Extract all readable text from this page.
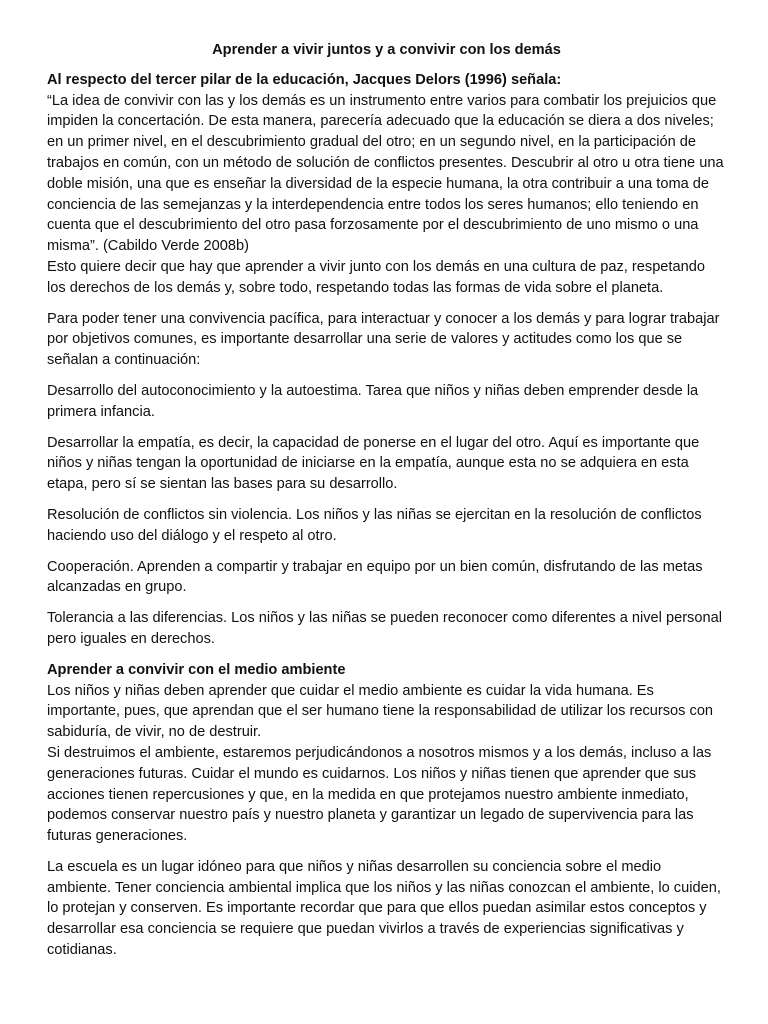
Aprender a vivir juntos y a convivir con los demás
Al respecto del tercer pilar de la educación, Jacques Delors (1996) señala:
“La idea de convivir con las y los demás es un instrumento entre varios para combatir los prejuicios que impiden la concertación. De esta manera, parecería adecuado que la educación se diera a dos niveles; en un primer nivel, en el descubrimiento gradual del otro; en un segundo nivel, en la participación de trabajos en común, con un método de solución de conflictos presentes. Descubrir al otro u otra tiene una doble misión, una que es enseñar la diversidad de la especie humana, la otra contribuir a una toma de conciencia de las semejanzas y la interdependencia entre todos los seres humanos; ello teniendo en cuenta que el descubrimiento del otro pasa forzosamente por el descubrimiento de uno mismo o una misma”. (Cabildo Verde 2008b)
Esto quiere decir que hay que aprender a vivir junto con los demás en una cultura de paz, respetando los derechos de los demás y, sobre todo, respetando todas las formas de vida sobre el planeta.
Para poder tener una convivencia pacífica, para interactuar y conocer a los demás y para lograr trabajar por objetivos comunes, es importante desarrollar una serie de valores y actitudes como los que se señalan a continuación:
Desarrollo del autoconocimiento y la autoestima. Tarea que niños y niñas deben emprender desde la primera infancia.
Desarrollar la empatía, es decir, la capacidad de ponerse en el lugar del otro. Aquí es importante que niños y niñas tengan la oportunidad de iniciarse en la empatía, aunque esta no se adquiera en esta etapa, pero sí se sientan las bases para su desarrollo.
Resolución de conflictos sin violencia. Los niños y las niñas se ejercitan en la resolución de conflictos haciendo uso del diálogo y el respeto al otro.
Cooperación. Aprenden a compartir y trabajar en equipo por un bien común, disfrutando de las metas alcanzadas en grupo.
Tolerancia a las diferencias. Los niños y las niñas se pueden reconocer como diferentes a nivel personal pero iguales en derechos.
Aprender a convivir con el medio ambiente
Los niños y niñas deben aprender que cuidar el medio ambiente es cuidar la vida humana. Es importante, pues, que aprendan que el ser humano tiene la responsabilidad de utilizar los recursos con sabiduría, de vivir, no de destruir.
Si destruimos el ambiente, estaremos perjudicándonos a nosotros mismos y a los demás, incluso a las generaciones futuras. Cuidar el mundo es cuidarnos. Los niños y niñas tienen que aprender que sus acciones tienen repercusiones y que, en la medida en que protejamos nuestro ambiente inmediato, podemos conservar nuestro país y nuestro planeta y garantizar un legado de supervivencia para las futuras generaciones.
La escuela es un lugar idóneo para que niños y niñas desarrollen su conciencia sobre el medio ambiente. Tener conciencia ambiental implica que los niños y las niñas conozcan el ambiente, lo cuiden, lo protejan y conserven. Es importante recordar que para que ellos puedan asimilar estos conceptos y desarrollar esa conciencia se requiere que puedan vivirlos a través de experiencias significativas y cotidianas.
